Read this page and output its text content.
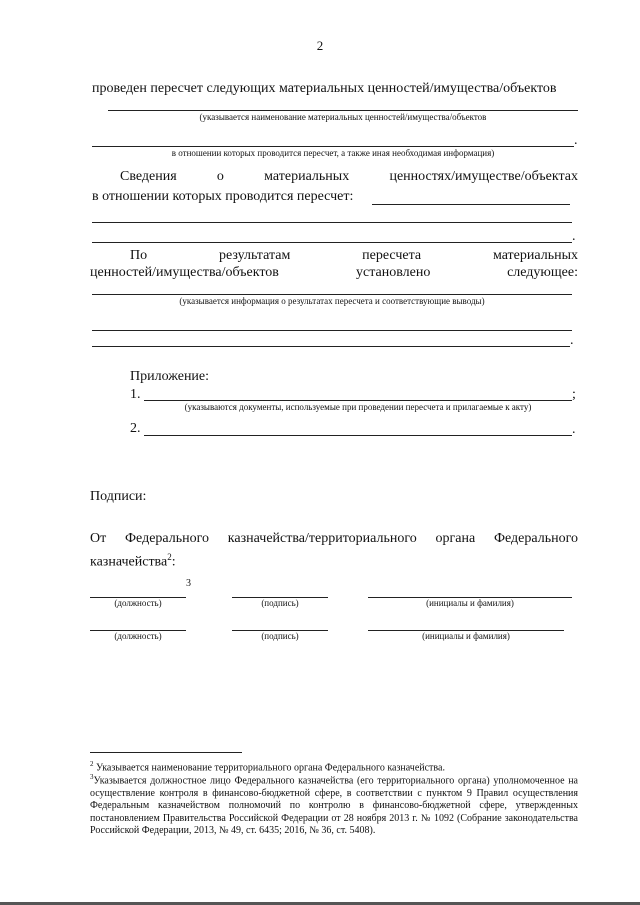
2
проведен пересчет следующих материальных ценностей/имущества/объектов
(указывается наименование материальных ценностей/имущества/объектов
.
в отношении которых проводится пересчет, а также иная необходимая информация)
Сведения	о	материальных	ценностях/имуществе/объектах
в отношении которых проводится пересчет:
.
По	результатам	пересчета	материальных
ценностей/имущества/объектов	установлено	следующее:
(указывается информация о результатах пересчета и соответствующие выводы)
.
Приложение:
1.	;
(указываются документы, используемые при проведении пересчета и прилагаемые к акту)
2.	.
Подписи:
От Федерального казначейства/территориального органа Федерального
казначейства$^2$:
3
(должность)	(подпись)	(инициалы и фамилия)
(должность)	(подпись)	(инициалы и фамилия)
$^2$ Указывается наименование территориального органа Федерального казначейства.
$^3$Указывается должностное лицо Федерального казначейства (его территориального органа) уполномоченное на осуществление контроля в финансово-бюджетной сфере, в соответствии с пунктом 9 Правил осуществления Федеральным казначейством полномочий по контролю в финансово-бюджетной сфере, утвержденных постановлением Правительства Российской Федерации от 28 ноября 2013 г. № 1092 (Собрание законодательства Российской Федерации, 2013, № 49, ст. 6435; 2016, № 36, ст. 5408).
